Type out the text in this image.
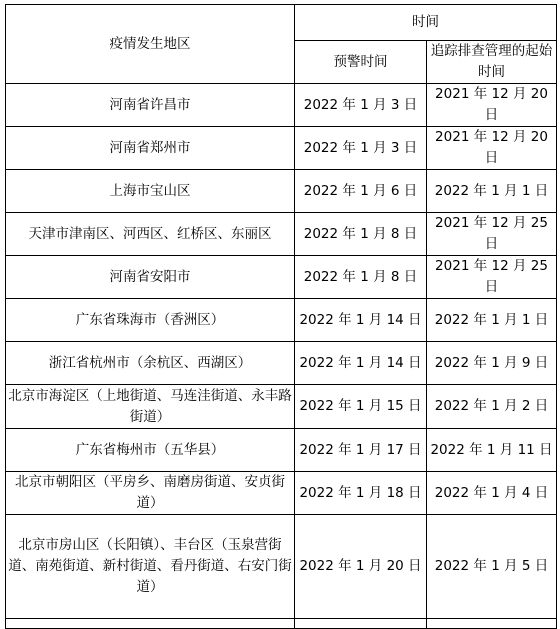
疫情发生地区	时间	
	预警时间	追踪排查管理的起始时间
河南省许昌市	2022 年 1 月 3 日	2021 年 12 月 20 日
河南省郑州市	2022 年 1 月 3 日	2021 年 12 月 20 日
上海市宝山区	2022 年 1 月 6 日	2022 年 1 月 1 日
天津市津南区、河西区、红桥区、东丽区	2022 年 1 月 8 日	2021 年 12 月 25 日
河南省安阳市	2022 年 1 月 8 日	2021 年 12 月 25 日
广东省珠海市（香洲区）	2022 年 1 月 14 日	2022 年 1 月 1 日
浙江省杭州市（余杭区、西湖区）	2022 年 1 月 14 日	2022 年 1 月 9 日
北京市海淀区（上地街道、马连洼街道、永丰路街道）	2022 年 1 月 15 日	2022 年 1 月 2 日
广东省梅州市（五华县）	2022 年 1 月 17 日	2022 年 1 月 11 日
北京市朝阳区（平房乡、南磨房街道、安贞街道）	2022 年 1 月 18 日	2022 年 1 月 4 日
北京市房山区（长阳镇）、丰台区（玉泉营街道、南苑街道、新村街道、看丹街道、右安门街道）	2022 年 1 月 20 日	2022 年 1 月 5 日
